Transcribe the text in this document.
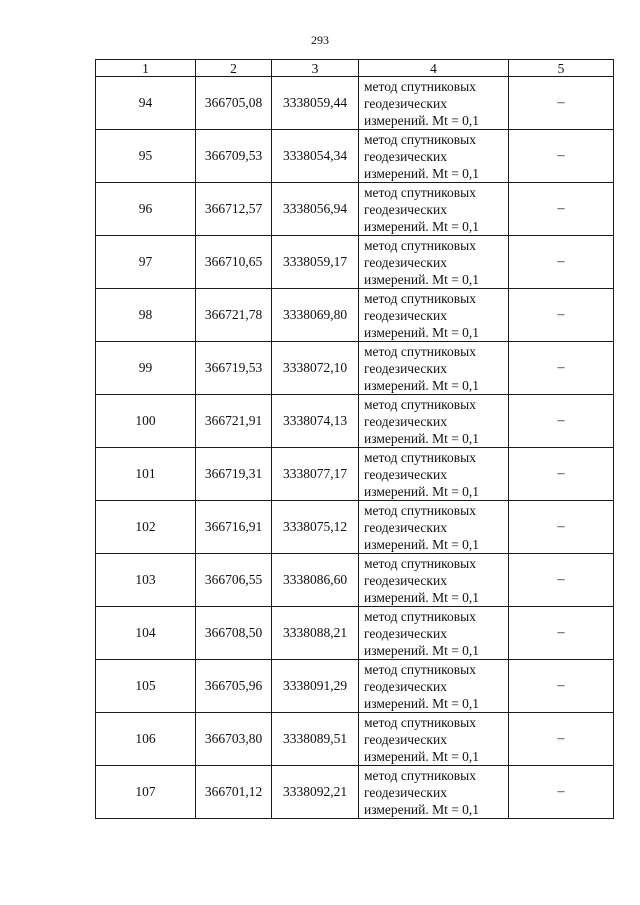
293
1	2	3	4	5
94	366705,08	3338059,44	метод спутниковых
геодезических
измерений. Mt = 0,1	–
95	366709,53	3338054,34	метод спутниковых
геодезических
измерений. Mt = 0,1	–
96	366712,57	3338056,94	метод спутниковых
геодезических
измерений. Mt = 0,1	–
97	366710,65	3338059,17	метод спутниковых
геодезических
измерений. Mt = 0,1	–
98	366721,78	3338069,80	метод спутниковых
геодезических
измерений. Mt = 0,1	–
99	366719,53	3338072,10	метод спутниковых
геодезических
измерений. Mt = 0,1	–
100	366721,91	3338074,13	метод спутниковых
геодезических
измерений. Mt = 0,1	–
101	366719,31	3338077,17	метод спутниковых
геодезических
измерений. Mt = 0,1	–
102	366716,91	3338075,12	метод спутниковых
геодезических
измерений. Mt = 0,1	–
103	366706,55	3338086,60	метод спутниковых
геодезических
измерений. Mt = 0,1	–
104	366708,50	3338088,21	метод спутниковых
геодезических
измерений. Mt = 0,1	–
105	366705,96	3338091,29	метод спутниковых
геодезических
измерений. Mt = 0,1	–
106	366703,80	3338089,51	метод спутниковых
геодезических
измерений. Mt = 0,1	–
107	366701,12	3338092,21	метод спутниковых
геодезических
измерений. Mt = 0,1	–
